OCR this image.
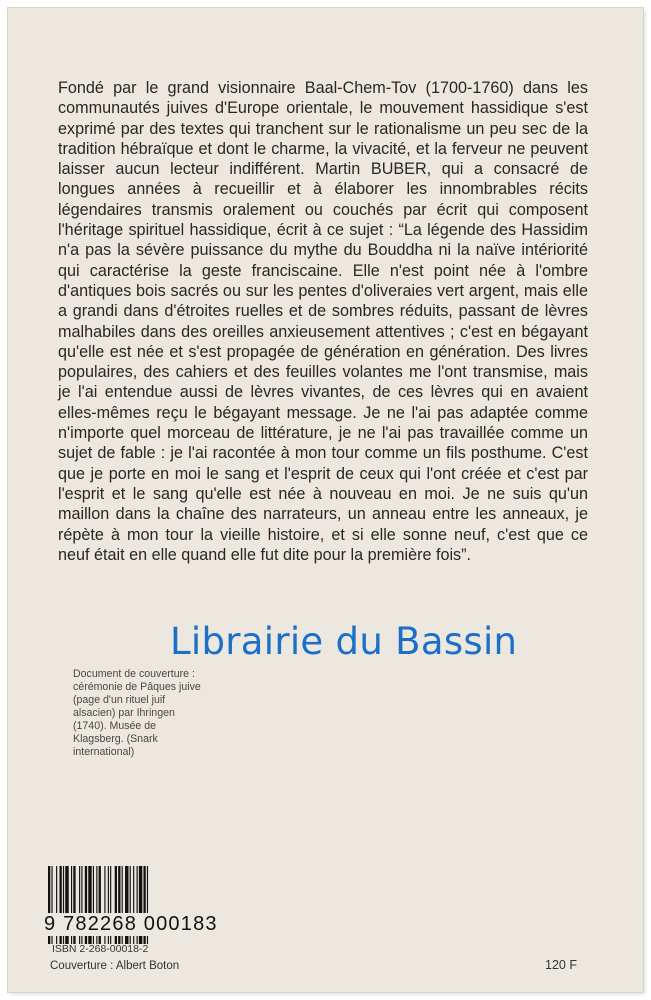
Fondé par le grand visionnaire Baal-Chem-Tov (1700-1760) dans les communautés juives d'Europe orientale, le mouvement hassidique s'est exprimé par des textes qui tranchent sur le rationalisme un peu sec de la tradition hébraïque et dont le charme, la vivacité, et la ferveur ne peuvent laisser aucun lecteur indifférent. Martin BUBER, qui a consacré de longues années à recueillir et à élaborer les innombrables récits légendaires transmis oralement ou couchés par écrit qui composent l'héritage spirituel hassidique, écrit à ce sujet : “La légende des Hassidim n'a pas la sévère puissance du mythe du Bouddha ni la naïve intériorité qui caractérise la geste franciscaine. Elle n'est point née à l'ombre d'antiques bois sacrés ou sur les pentes d'oliveraies vert argent, mais elle a grandi dans d'étroites ruelles et de sombres réduits, passant de lèvres malhabiles dans des oreilles anxieusement attentives ; c'est en bégayant qu'elle est née et s'est propagée de génération en génération. Des livres populaires, des cahiers et des feuilles volantes me l'ont transmise, mais je l'ai entendue aussi de lèvres vivantes, de ces lèvres qui en avaient elles-mêmes reçu le bégayant message. Je ne l'ai pas adaptée comme n'importe quel morceau de littérature, je ne l'ai pas travaillée comme un sujet de fable : je l'ai racontée à mon tour comme un fils posthume. C'est que je porte en moi le sang et l'esprit de ceux qui l'ont créée et c'est par l'esprit et le sang qu'elle est née à nouveau en moi. Je ne suis qu'un maillon dans la chaîne des narrateurs, un anneau entre les anneaux, je répète à mon tour la vieille histoire, et si elle sonne neuf, c'est que ce neuf était en elle quand elle fut dite pour la première fois”.

Librairie du Bassin
Document de couverture :
cérémonie de Pâques juive
(page d'un rituel juif
alsacien) par Ihringen
(1740). Musée de
Klagsberg. (Snark
international)
9 782268 000183
ISBN 2-268-00018-2
Couverture : Albert Boton	120 F
